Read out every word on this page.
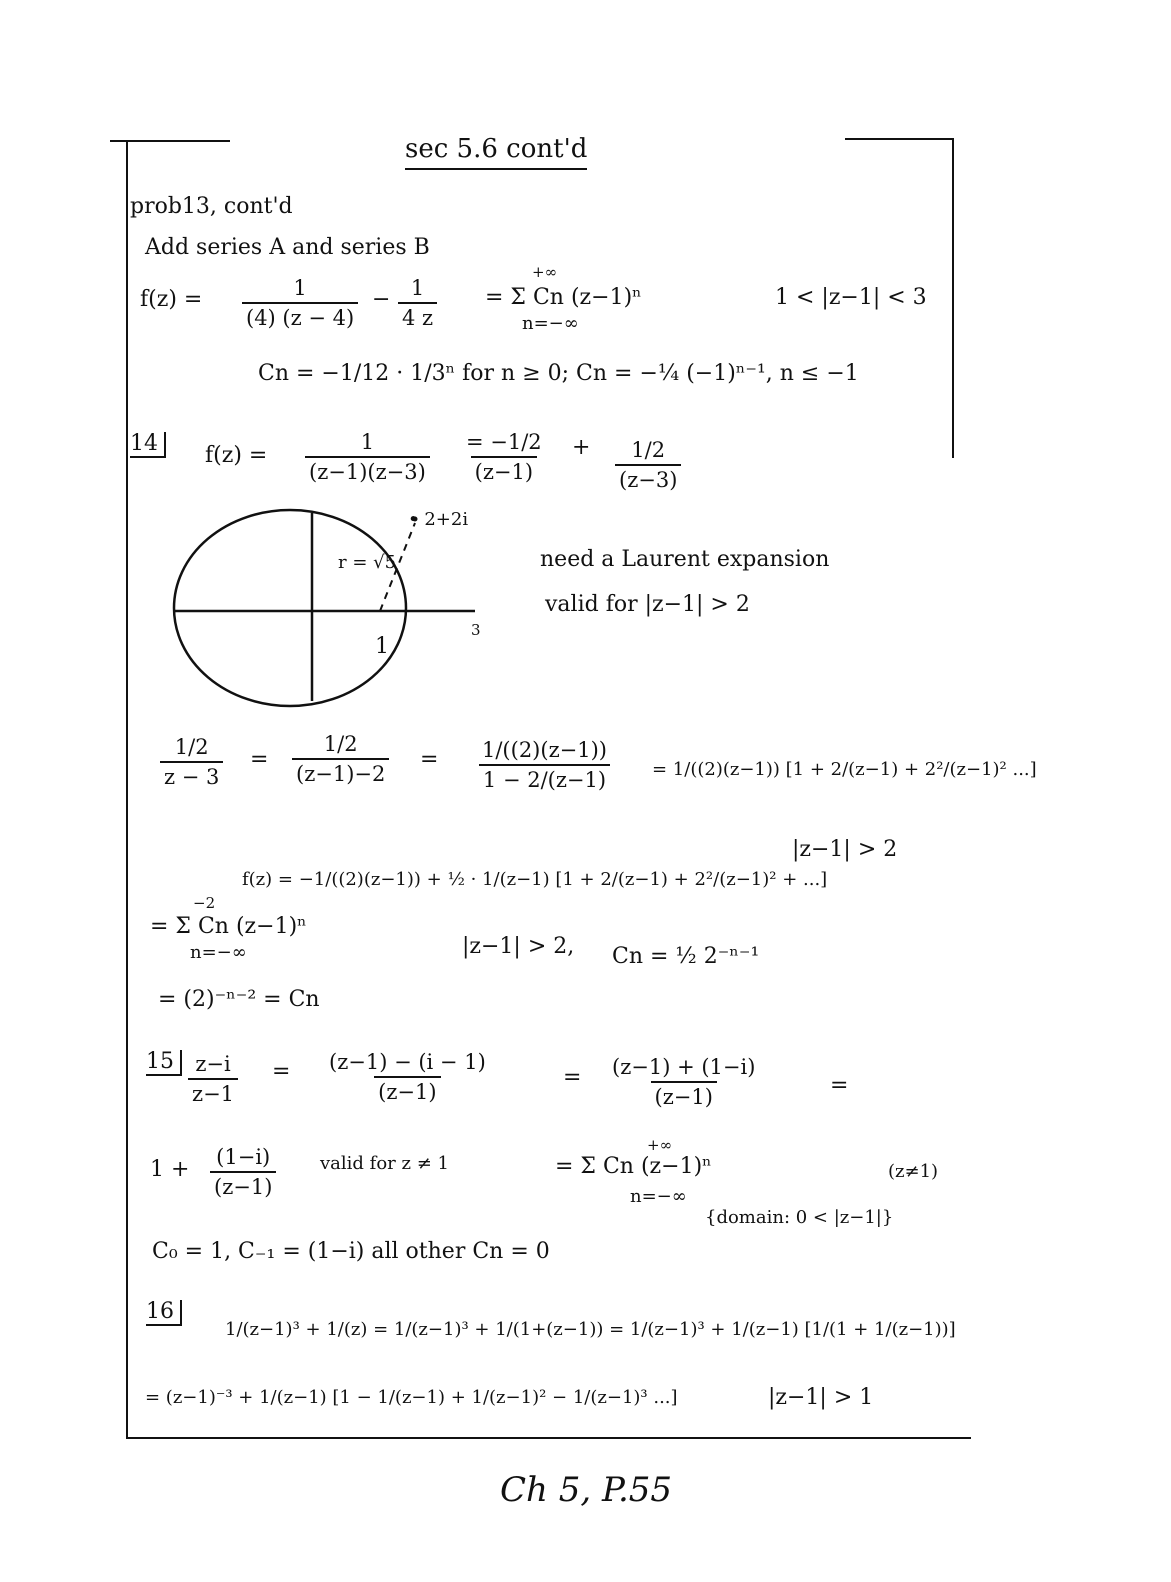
sec 5.6 cont'd
prob13, cont'd
Add series A and series B
$f(z) = \frac{1}{(4) (z - 4)} - \frac{1}{4 z} = \Sigma$ Cn (z−1)ⁿ
+∞
n=−∞
1 < |z−1| < 3
Cn = −1/12 · 1/3ⁿ for n ≥ 0; Cn = −¼ (−1)ⁿ⁻¹, n ≤ −1
14	$f(z) = \frac{1}{(z-1)(z-3)} \frac{= -1/2}{(z-1)} + \frac{1/2}{(z-3)}$
• 2+2i
r = √5
1
3
need a Laurent expansion
valid for |z−1| > 2
$\frac{1/2}{z - 3} = \frac{1/2}{(z-1)-2} = \frac{1/((2)(z-1))}{1 - 2/(z-1)} = 1/((2)(z-1)) [1 + 2/(z-1) + 2^2/(z-1)^2$ ...]
|z−1| > 2
f(z) = −1/((2)(z−1)) + ½ · 1/(z−1) [1 + 2/(z−1) + 2²/(z−1)² + ...]
= Σ Cn (z−1)ⁿ
−2
n=−∞	|z−1| > 2, Cn = ½ 2⁻ⁿ⁻¹
= (2)⁻ⁿ⁻² = Cn
$15 \frac{z-i}{z-1} = \frac{(z-1) - (i - 1)}{(z-1)}$	= $\frac{(z-1) + (1-i)}{(z-1)}$	=
$1 + \frac{(1-i)}{(z-1)}$ valid for z ≠ 1	= Σ Cn (z−1)ⁿ
+∞
n=−∞
(z≠1)
{domain: 0 < |z−1|}
C₀ = 1, C₋₁ = (1−i) all other Cn = 0
16
1/(z−1)³ + 1/(z) = 1/(z−1)³ + 1/(1+(z−1)) = 1/(z−1)³ + 1/(z−1) [1/(1 + 1/(z−1))]
= (z−1)⁻³ + 1/(z−1) [1 − 1/(z−1) + 1/(z−1)² − 1/(z−1)³ ...]	|z−1| > 1
Ch 5, P.55
